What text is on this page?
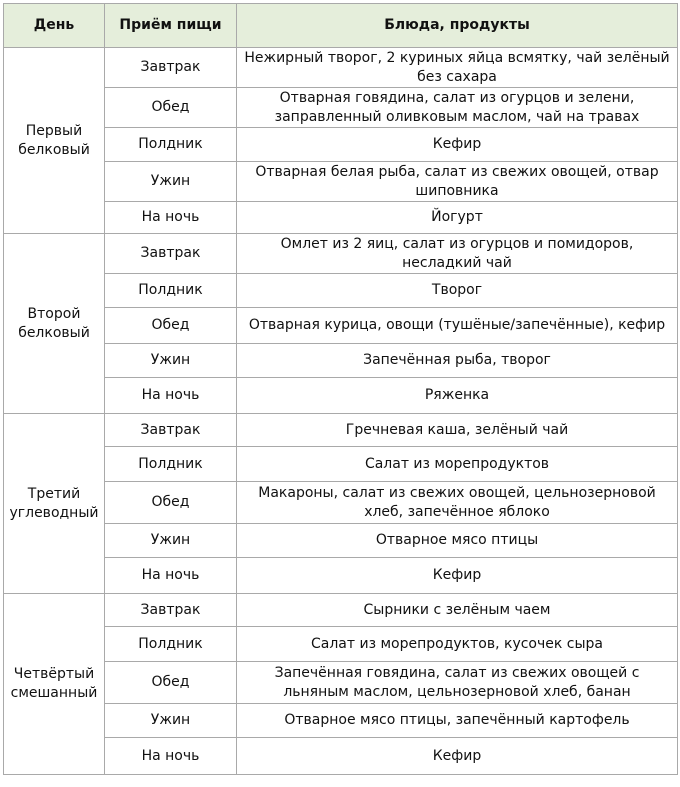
День	Приём пищи	Блюда, продукты
Первый белковый	Завтрак	Нежирный творог, 2 куриных яйца всмятку, чай зелёный без сахара
	Обед	Отварная говядина, салат из огурцов и зелени, заправленный оливковым маслом, чай на травах
	Полдник	Кефир
	Ужин	Отварная белая рыба, салат из свежих овощей, отвар шиповника
	На ночь	Йогурт
Второй белковый	Завтрак	Омлет из 2 яиц, салат из огурцов и помидоров, несладкий чай
	Полдник	Творог
	Обед	Отварная курица, овощи (тушёные/запечённые), кефир
	Ужин	Запечённая рыба, творог
	На ночь	Ряженка
Третий углеводный	Завтрак	Гречневая каша, зелёный чай
	Полдник	Салат из морепродуктов
	Обед	Макароны, салат из свежих овощей, цельнозерновой хлеб, запечённое яблоко
	Ужин	Отварное мясо птицы
	На ночь	Кефир
Четвёртый смешанный	Завтрак	Сырники с зелёным чаем
	Полдник	Салат из морепродуктов, кусочек сыра
	Обед	Запечённая говядина, салат из свежих овощей с льняным маслом, цельнозерновой хлеб, банан
	Ужин	Отварное мясо птицы, запечённый картофель
	На ночь	Кефир
